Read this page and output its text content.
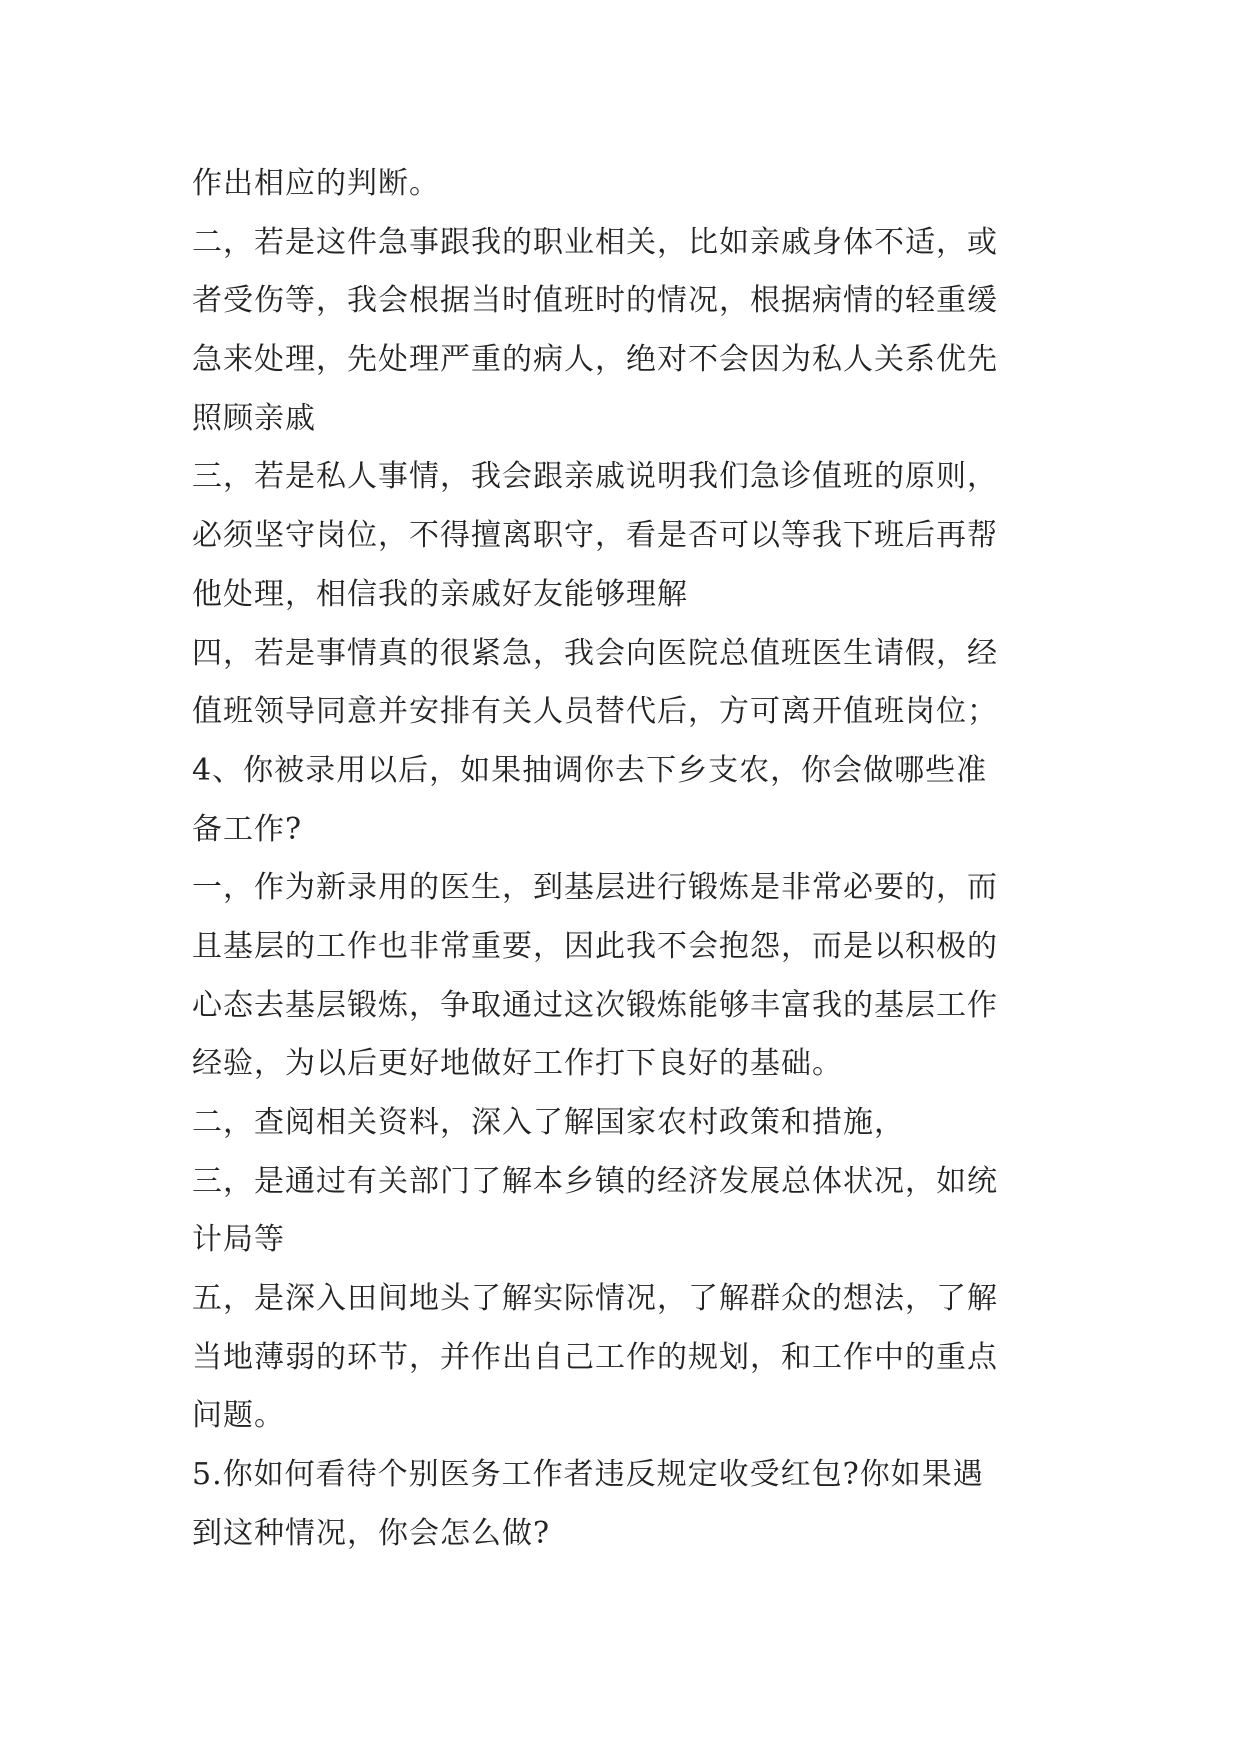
作出相应的判断。
二，若是这件急事跟我的职业相关，比如亲戚身体不适，或
者受伤等，我会根据当时值班时的情况，根据病情的轻重缓
急来处理，先处理严重的病人，绝对不会因为私人关系优先
照顾亲戚
三，若是私人事情，我会跟亲戚说明我们急诊值班的原则，
必须坚守岗位，不得擅离职守，看是否可以等我下班后再帮
他处理，相信我的亲戚好友能够理解
四，若是事情真的很紧急，我会向医院总值班医生请假，经
值班领导同意并安排有关人员替代后，方可离开值班岗位；
4、你被录用以后，如果抽调你去下乡支农，你会做哪些准
备工作?
一，作为新录用的医生，到基层进行锻炼是非常必要的，而
且基层的工作也非常重要，因此我不会抱怨，而是以积极的
心态去基层锻炼，争取通过这次锻炼能够丰富我的基层工作
经验，为以后更好地做好工作打下良好的基础。
二，查阅相关资料，深入了解国家农村政策和措施，
三，是通过有关部门了解本乡镇的经济发展总体状况，如统
计局等
五，是深入田间地头了解实际情况，了解群众的想法，了解
当地薄弱的环节，并作出自己工作的规划，和工作中的重点
问题。
5.你如何看待个别医务工作者违反规定收受红包?你如果遇
到这种情况，你会怎么做?
